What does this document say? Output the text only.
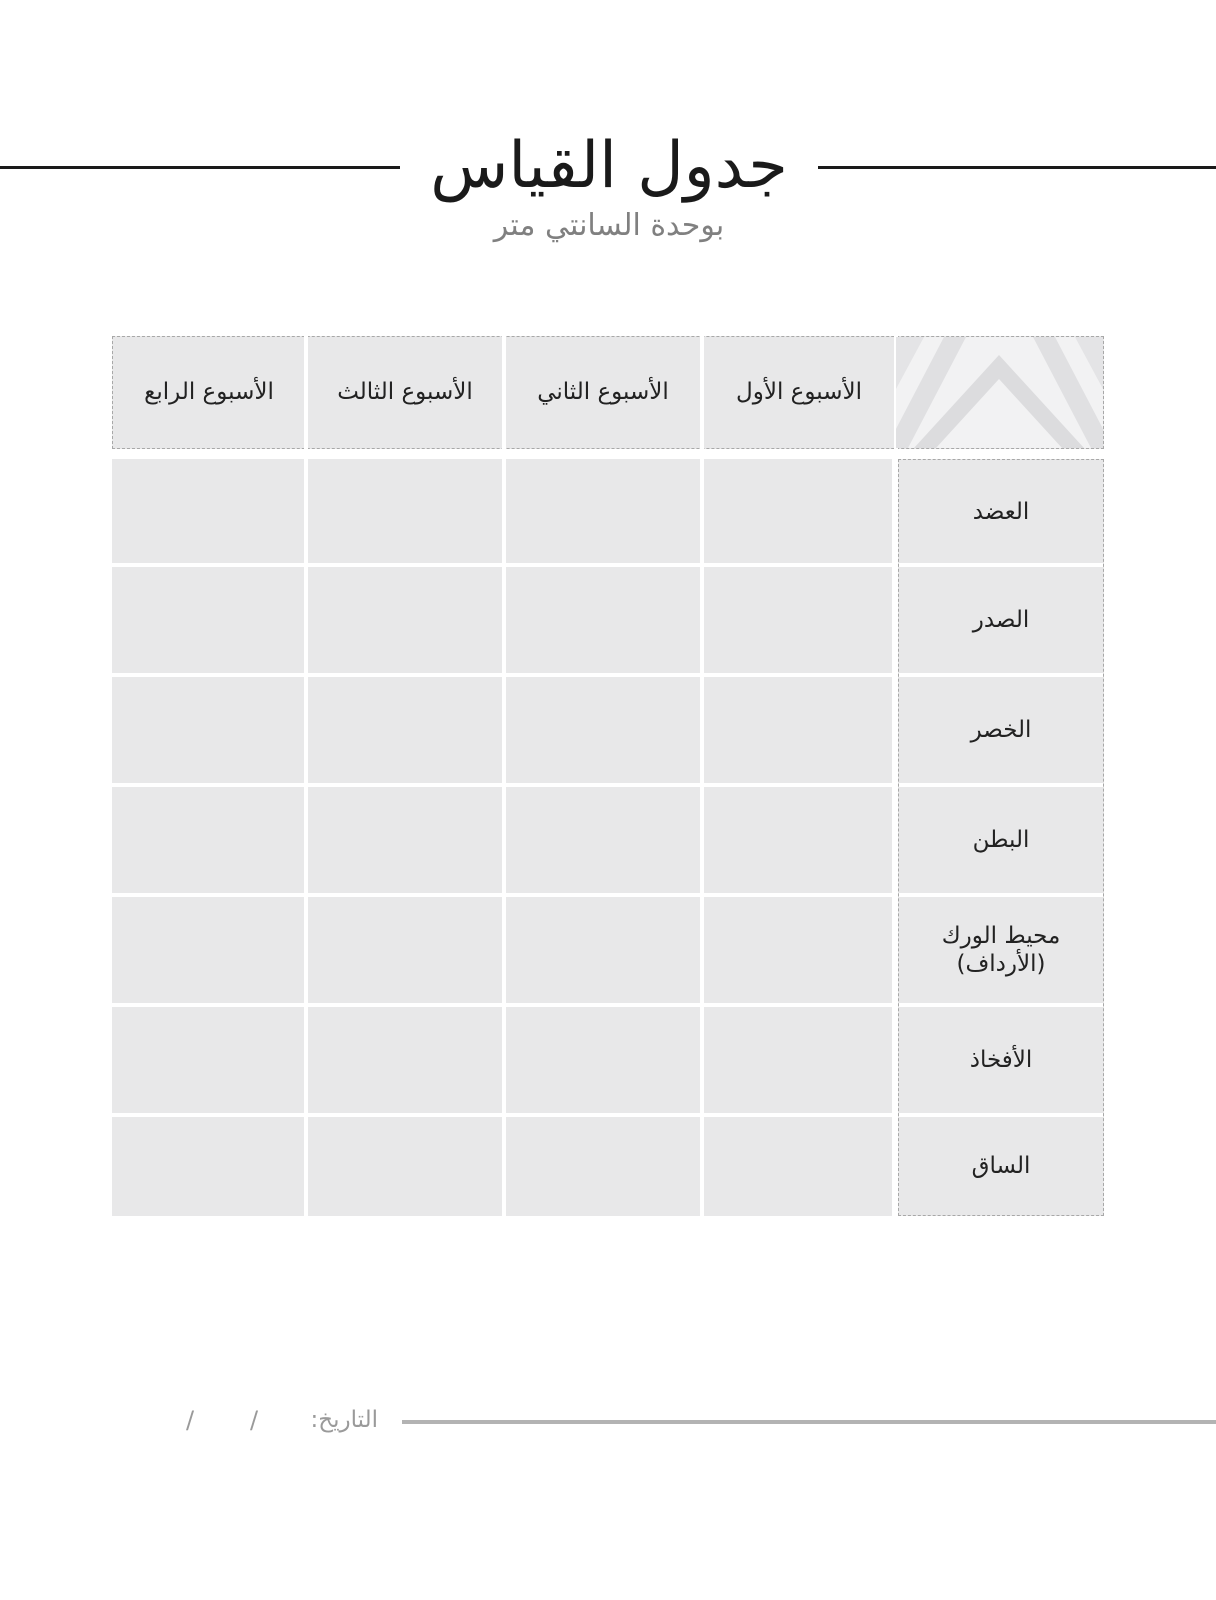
جدول القياس
بوحدة السانتي متر
الأسبوع الأول
الأسبوع الثاني
الأسبوع الثالث
الأسبوع الرابع
العضد
الصدر
الخصر
البطن
محيط الورك (الأرداف)
الأفخاذ
الساق
التاريخ:
/
/
